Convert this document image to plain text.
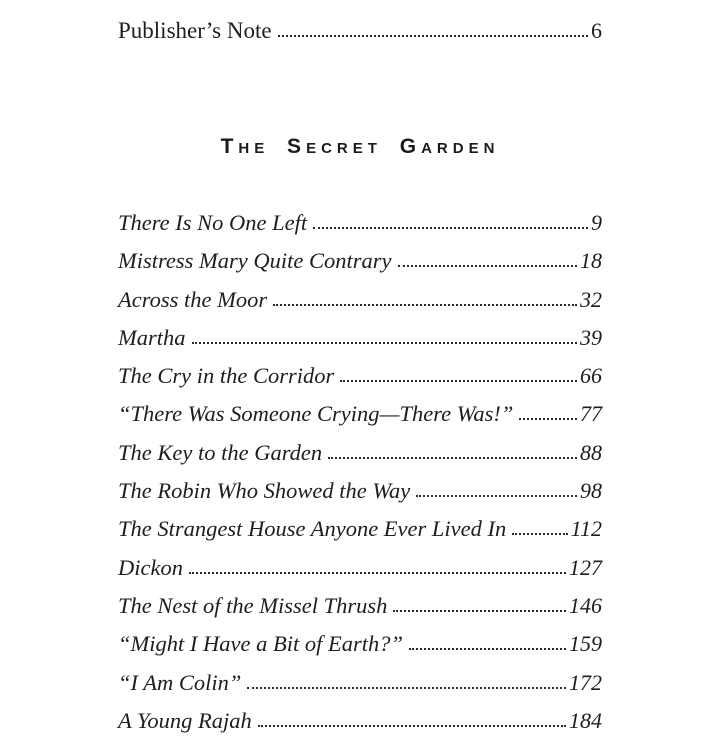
Publisher’s Note	6
The Secret Garden
There Is No One Left	9
Mistress Mary Quite Contrary	18
Across the Moor	32
Martha	39
The Cry in the Corridor	66
“There Was Someone Crying—There Was!”	77
The Key to the Garden	88
The Robin Who Showed the Way	98
The Strangest House Anyone Ever Lived In	112
Dickon	127
The Nest of the Missel Thrush	146
“Might I Have a Bit of Earth?”	159
“I Am Colin”	172
A Young Rajah	184
